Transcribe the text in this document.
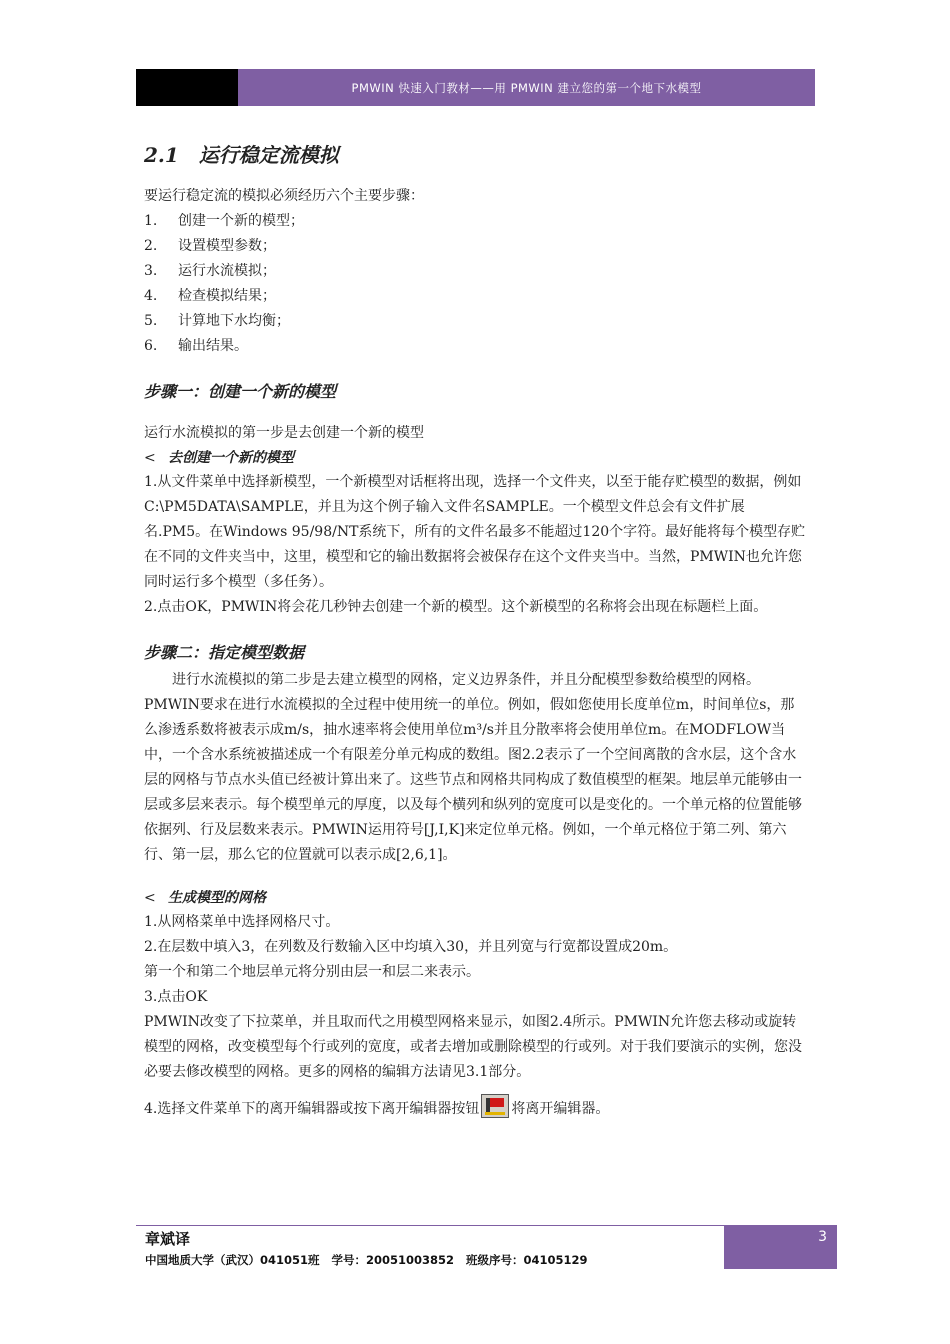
PMWIN 快速入门教材——用 PMWIN 建立您的第一个地下水模型
2.1 运行稳定流模拟

要运行稳定流的模拟必须经历六个主要步骤：

1. 创建一个新的模型；
2. 设置模型参数；
3. 运行水流模拟；
4. 检查模拟结果；
5. 计算地下水均衡；
6. 输出结果。
步骤一：创建一个新的模型

运行水流模拟的第一步是去创建一个新的模型

< 去创建一个新的模型

1.从文件菜单中选择新模型，一个新模型对话框将出现，选择一个文件夹，以至于能存贮模型的数据，例如C:\PM5DATA\SAMPLE，并且为这个例子输入文件名SAMPLE。一个模型文件总会有文件扩展名.PM5。在Windows 95/98/NT系统下，所有的文件名最多不能超过120个字符。最好能将每个模型存贮在不同的文件夹当中，这里，模型和它的输出数据将会被保存在这个文件夹当中。当然，PMWIN也允许您同时运行多个模型（多任务）。

2.点击OK，PMWIN将会花几秒钟去创建一个新的模型。这个新模型的名称将会出现在标题栏上面。

步骤二：指定模型数据

进行水流模拟的第二步是去建立模型的网格，定义边界条件，并且分配模型参数给模型的网格。PMWIN要求在进行水流模拟的全过程中使用统一的单位。例如，假如您使用长度单位m，时间单位s，那么渗透系数将被表示成m/s，抽水速率将会使用单位m³/s并且分散率将会使用单位m。在MODFLOW当中，一个含水系统被描述成一个有限差分单元构成的数组。图2.2表示了一个空间离散的含水层，这个含水层的网格与节点水头值已经被计算出来了。这些节点和网格共同构成了数值模型的框架。地层单元能够由一层或多层来表示。每个模型单元的厚度，以及每个横列和纵列的宽度可以是变化的。一个单元格的位置能够依据列、行及层数来表示。PMWIN运用符号[J,I,K]来定位单元格。例如，一个单元格位于第二列、第六行、第一层，那么它的位置就可以表示成[2,6,1]。

< 生成模型的网格

1.从网格菜单中选择网格尺寸。

2.在层数中填入3，在列数及行数输入区中均填入30，并且列宽与行宽都设置成20m。

第一个和第二个地层单元将分别由层一和层二来表示。

3.点击OK

PMWIN改变了下拉菜单，并且取而代之用模型网格来显示，如图2.4所示。PMWIN允许您去移动或旋转模型的网格，改变模型每个行或列的宽度，或者去增加或删除模型的行或列。对于我们要演示的实例，您没必要去修改模型的网格。更多的网格的编辑方法请见3.1部分。

4.选择文件菜单下的离开编辑器或按下离开编辑器按钮 将离开编辑器。

章斌译
中国地质大学（武汉）041051班   学号：20051003852   班级序号：04105129
3
